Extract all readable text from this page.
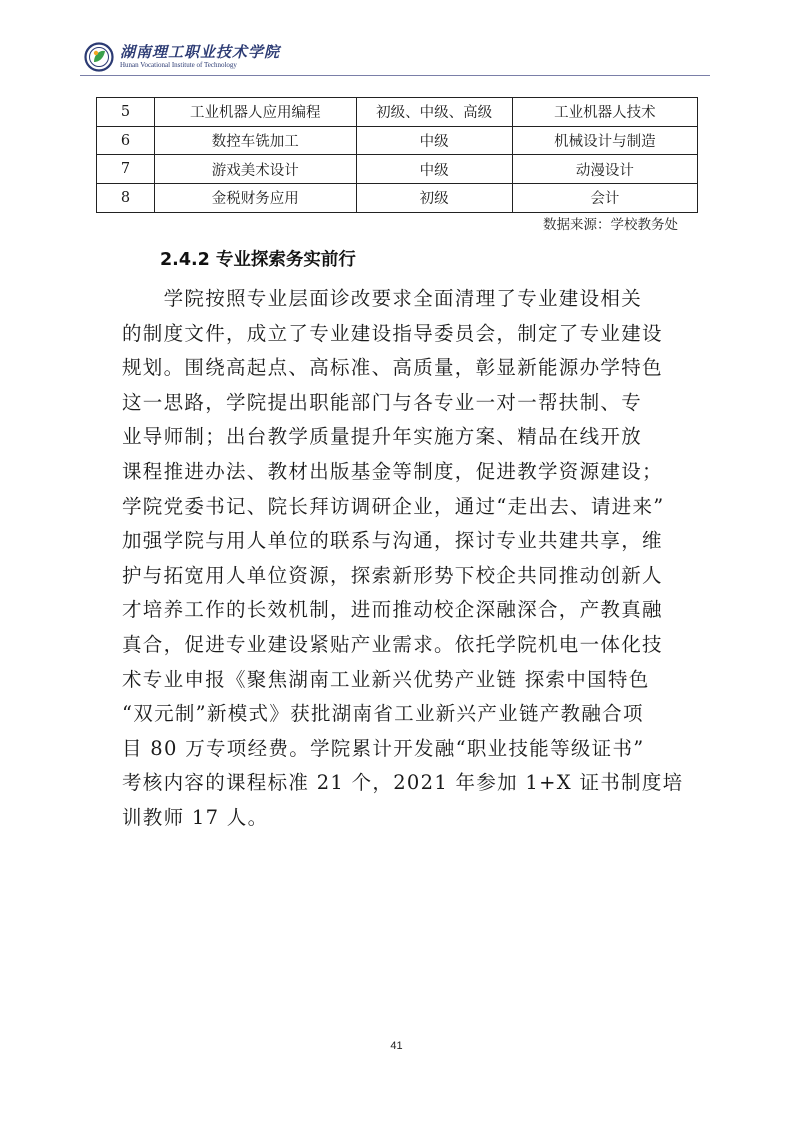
湖南理工职业技术学院
Hunan Vocational Institute of Technology
5	工业机器人应用编程	初级、中级、高级	工业机器人技术
6	数控车铣加工	中级	机械设计与制造
7	游戏美术设计	中级	动漫设计
8	金税财务应用	初级	会计
数据来源：学校教务处
2.4.2 专业探索务实前行
　　学院按照专业层面诊改要求全面清理了专业建设相关
的制度文件，成立了专业建设指导委员会，制定了专业建设
规划。围绕高起点、高标准、高质量，彰显新能源办学特色
这一思路，学院提出职能部门与各专业一对一帮扶制、专
业导师制；出台教学质量提升年实施方案、精品在线开放
课程推进办法、教材出版基金等制度，促进教学资源建设；
学院党委书记、院长拜访调研企业，通过“走出去、请进来”
加强学院与用人单位的联系与沟通，探讨专业共建共享，维
护与拓宽用人单位资源，探索新形势下校企共同推动创新人
才培养工作的长效机制，进而推动校企深融深合，产教真融
真合，促进专业建设紧贴产业需求。依托学院机电一体化技
术专业申报《聚焦湖南工业新兴优势产业链 探索中国特色
“双元制”新模式》获批湖南省工业新兴产业链产教融合项
目 80 万专项经费。学院累计开发融“职业技能等级证书”
考核内容的课程标准 21 个，2021 年参加 1+X 证书制度培
训教师 17 人。
41
